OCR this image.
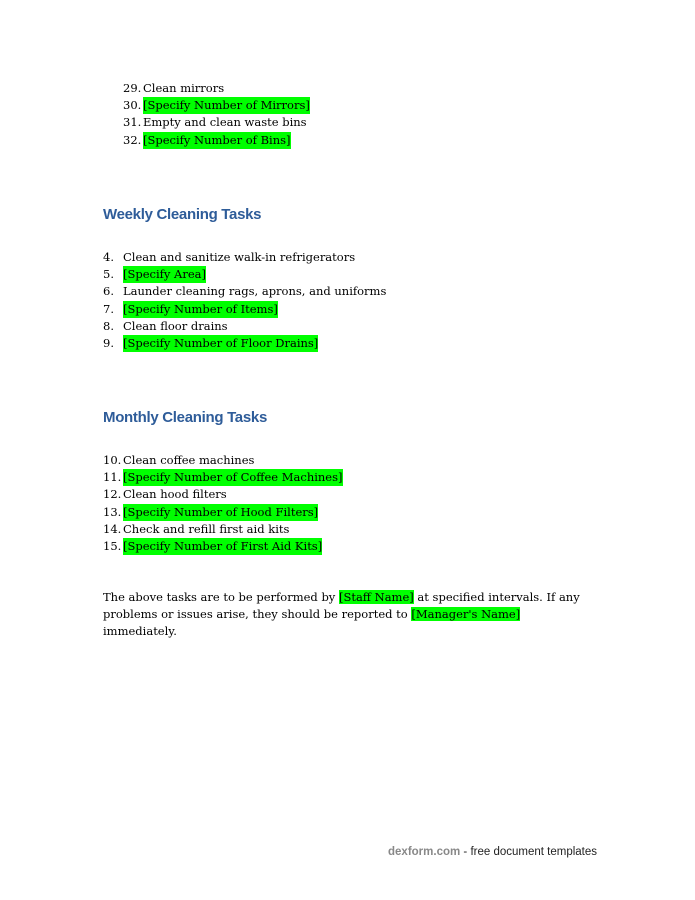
29. Clean mirrors
30. [Specify Number of Mirrors]
31. Empty and clean waste bins
32. [Specify Number of Bins]
Weekly Cleaning Tasks
4. Clean and sanitize walk-in refrigerators
5. [Specify Area]
6. Launder cleaning rags, aprons, and uniforms
7. [Specify Number of Items]
8. Clean floor drains
9. [Specify Number of Floor Drains]
Monthly Cleaning Tasks
10. Clean coffee machines
11. [Specify Number of Coffee Machines]
12. Clean hood filters
13. [Specify Number of Hood Filters]
14. Check and refill first aid kits
15. [Specify Number of First Aid Kits]
The above tasks are to be performed by [Staff Name] at specified intervals. If any problems or issues arise, they should be reported to [Manager's Name] immediately.
dexform.com - free document templates
